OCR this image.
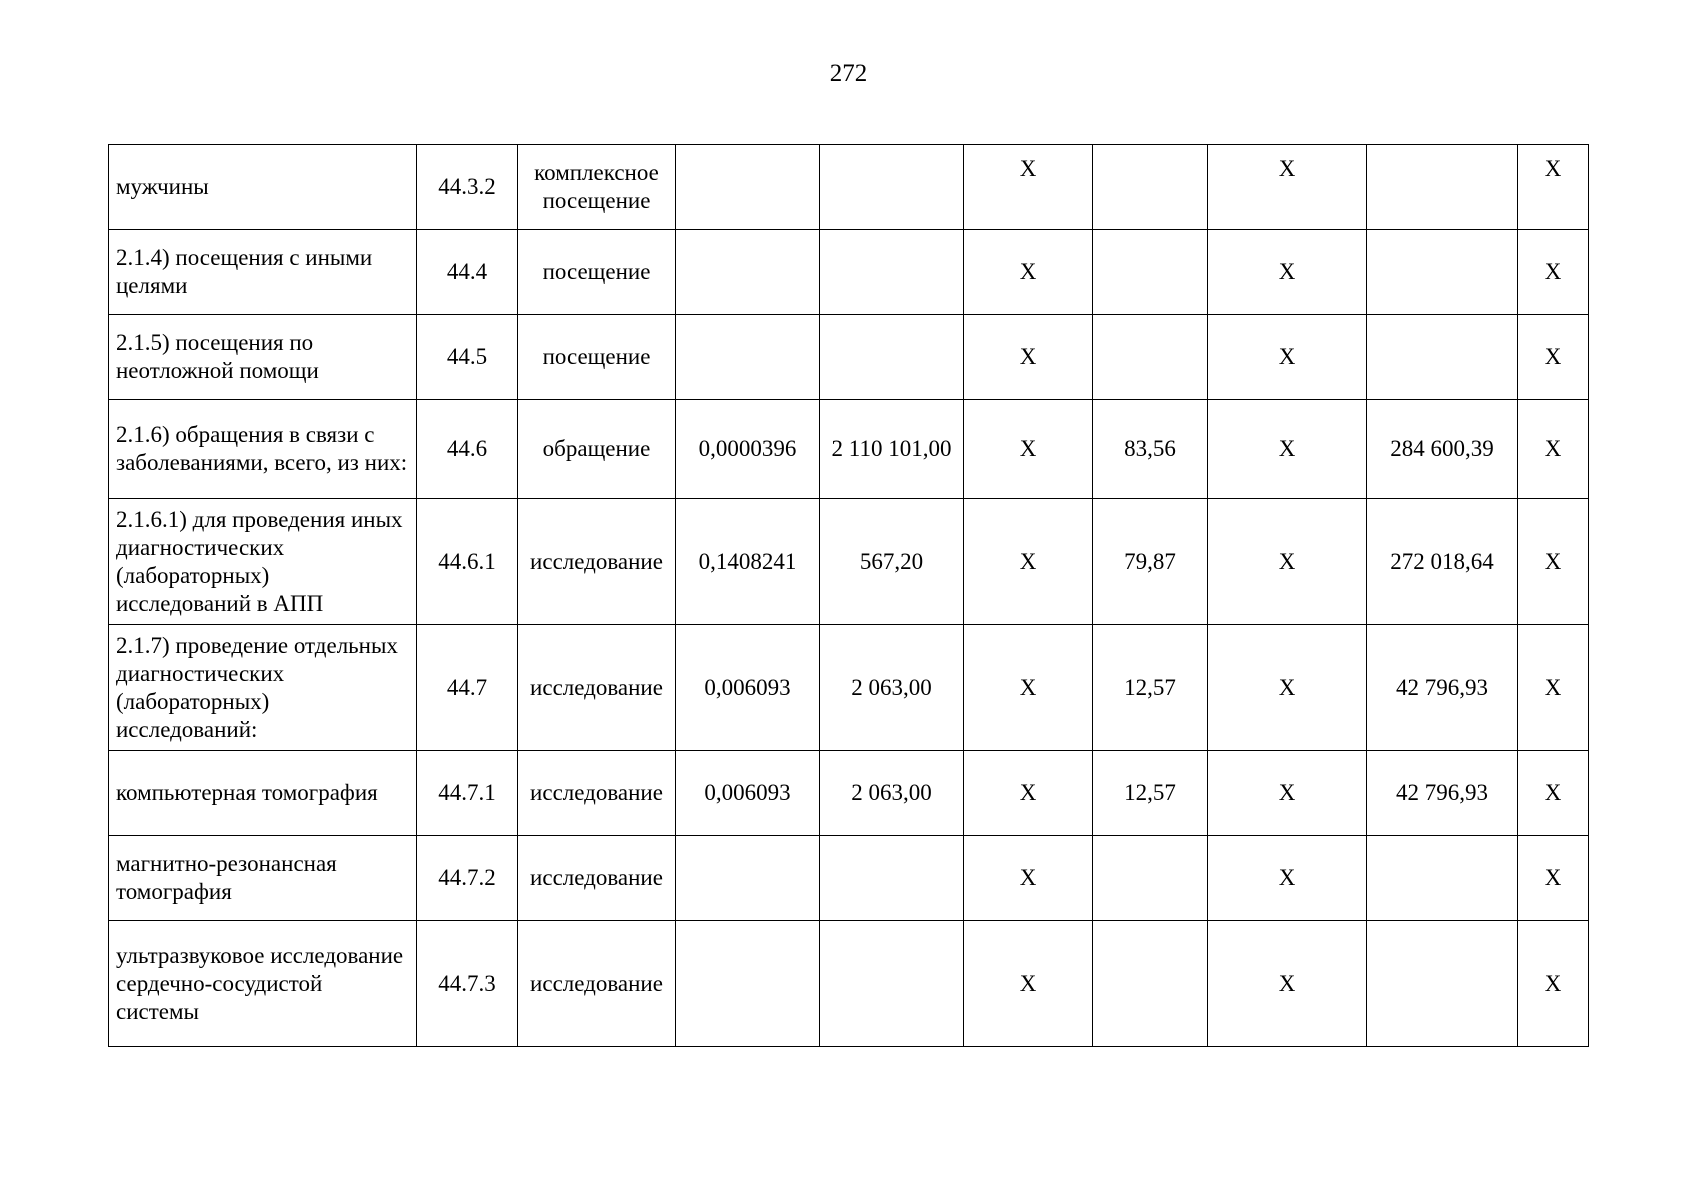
272
мужчины	44.3.2	комплексное посещение			X		X		X
2.1.4) посещения с иными целями	44.4	посещение			X		X		X
2.1.5) посещения по неотложной помощи	44.5	посещение			X		X		X
2.1.6) обращения в связи с заболеваниями, всего, из них:	44.6	обращение	0,0000396	2 110 101,00	X	83,56	X	284 600,39	X
2.1.6.1) для проведения иных диагностических (лабораторных) исследований в АПП	44.6.1	исследование	0,1408241	567,20	X	79,87	X	272 018,64	X
2.1.7) проведение отдельных диагностических (лабораторных) исследований:	44.7	исследование	0,006093	2 063,00	X	12,57	X	42 796,93	X
компьютерная томография	44.7.1	исследование	0,006093	2 063,00	X	12,57	X	42 796,93	X
магнитно-резонансная томография	44.7.2	исследование			X		X		X
ультразвуковое исследование сердечно-сосудистой системы	44.7.3	исследование			X		X		X
